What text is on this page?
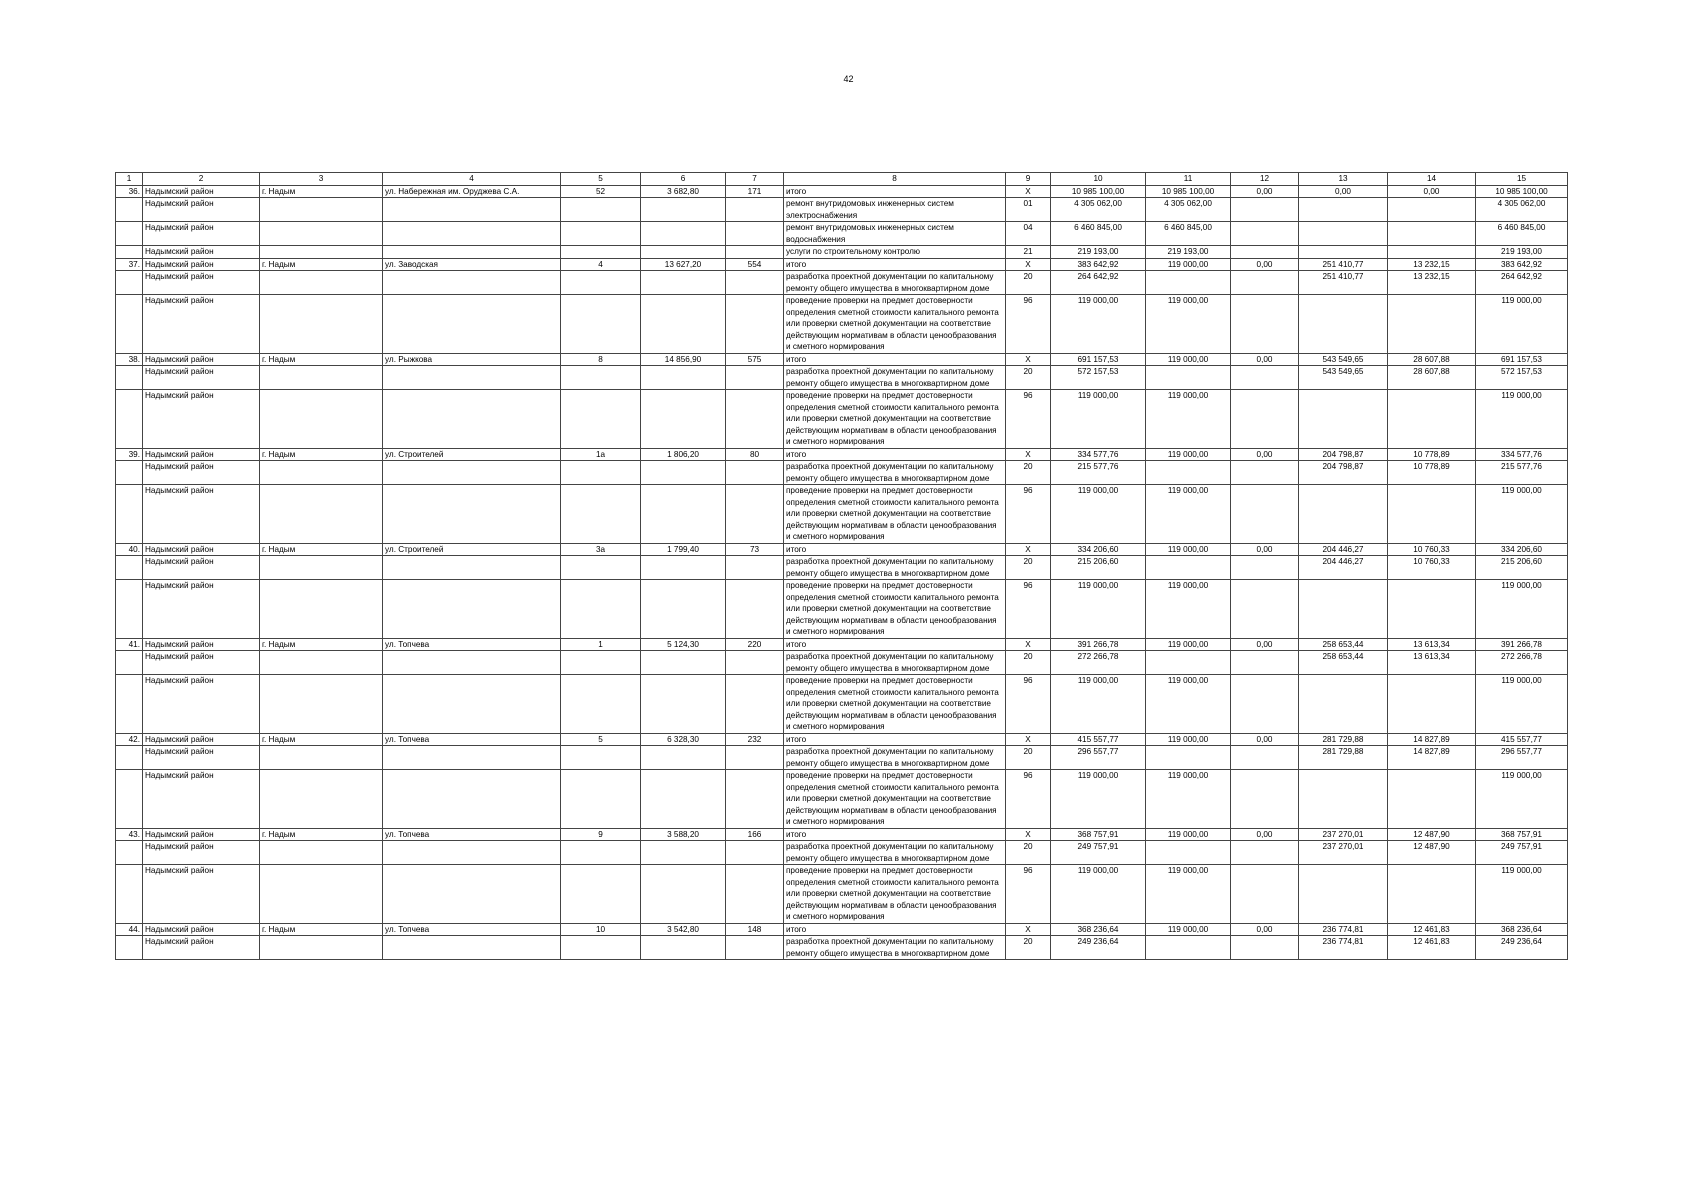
42
1	2	3	4	5	6	7	8	9	10	11	12	13	14	15
36.	Надымский район	г. Надым	ул. Набережная им. Оруджева С.А.	52	3 682,80	171	итого	X	10 985 100,00	10 985 100,00	0,00	0,00	0,00	10 985 100,00
	Надымский район						ремонт внутридомовых инженерных систем электроснабжения	01	4 305 062,00	4 305 062,00				4 305 062,00
	Надымский район						ремонт внутридомовых инженерных систем водоснабжения	04	6 460 845,00	6 460 845,00				6 460 845,00
	Надымский район						услуги по строительному контролю	21	219 193,00	219 193,00				219 193,00
37.	Надымский район	г. Надым	ул. Заводская	4	13 627,20	554	итого	X	383 642,92	119 000,00	0,00	251 410,77	13 232,15	383 642,92
	Надымский район						разработка проектной документации по капитальному ремонту общего имущества в многоквартирном доме	20	264 642,92			251 410,77	13 232,15	264 642,92
	Надымский район						проведение проверки на предмет достоверности определения сметной стоимости капитального ремонта или проверки сметной документации на соответствие действующим нормативам в области ценообразования и сметного нормирования	96	119 000,00	119 000,00				119 000,00
38.	Надымский район	г. Надым	ул. Рыжкова	8	14 856,90	575	итого	X	691 157,53	119 000,00	0,00	543 549,65	28 607,88	691 157,53
	Надымский район						разработка проектной документации по капитальному ремонту общего имущества в многоквартирном доме	20	572 157,53			543 549,65	28 607,88	572 157,53
	Надымский район						проведение проверки на предмет достоверности определения сметной стоимости капитального ремонта или проверки сметной документации на соответствие действующим нормативам в области ценообразования и сметного нормирования	96	119 000,00	119 000,00				119 000,00
39.	Надымский район	г. Надым	ул. Строителей	1а	1 806,20	80	итого	X	334 577,76	119 000,00	0,00	204 798,87	10 778,89	334 577,76
	Надымский район						разработка проектной документации по капитальному ремонту общего имущества в многоквартирном доме	20	215 577,76			204 798,87	10 778,89	215 577,76
	Надымский район						проведение проверки на предмет достоверности определения сметной стоимости капитального ремонта или проверки сметной документации на соответствие действующим нормативам в области ценообразования и сметного нормирования	96	119 000,00	119 000,00				119 000,00
40.	Надымский район	г. Надым	ул. Строителей	3а	1 799,40	73	итого	X	334 206,60	119 000,00	0,00	204 446,27	10 760,33	334 206,60
	Надымский район						разработка проектной документации по капитальному ремонту общего имущества в многоквартирном доме	20	215 206,60			204 446,27	10 760,33	215 206,60
	Надымский район						проведение проверки на предмет достоверности определения сметной стоимости капитального ремонта или проверки сметной документации на соответствие действующим нормативам в области ценообразования и сметного нормирования	96	119 000,00	119 000,00				119 000,00
41.	Надымский район	г. Надым	ул. Топчева	1	5 124,30	220	итого	X	391 266,78	119 000,00	0,00	258 653,44	13 613,34	391 266,78
	Надымский район						разработка проектной документации по капитальному ремонту общего имущества в многоквартирном доме	20	272 266,78			258 653,44	13 613,34	272 266,78
	Надымский район						проведение проверки на предмет достоверности определения сметной стоимости капитального ремонта или проверки сметной документации на соответствие действующим нормативам в области ценообразования и сметного нормирования	96	119 000,00	119 000,00				119 000,00
42.	Надымский район	г. Надым	ул. Топчева	5	6 328,30	232	итого	X	415 557,77	119 000,00	0,00	281 729,88	14 827,89	415 557,77
	Надымский район						разработка проектной документации по капитальному ремонту общего имущества в многоквартирном доме	20	296 557,77			281 729,88	14 827,89	296 557,77
	Надымский район						проведение проверки на предмет достоверности определения сметной стоимости капитального ремонта или проверки сметной документации на соответствие действующим нормативам в области ценообразования и сметного нормирования	96	119 000,00	119 000,00				119 000,00
43.	Надымский район	г. Надым	ул. Топчева	9	3 588,20	166	итого	X	368 757,91	119 000,00	0,00	237 270,01	12 487,90	368 757,91
	Надымский район						разработка проектной документации по капитальному ремонту общего имущества в многоквартирном доме	20	249 757,91			237 270,01	12 487,90	249 757,91
	Надымский район						проведение проверки на предмет достоверности определения сметной стоимости капитального ремонта или проверки сметной документации на соответствие действующим нормативам в области ценообразования и сметного нормирования	96	119 000,00	119 000,00				119 000,00
44.	Надымский район	г. Надым	ул. Топчева	10	3 542,80	148	итого	X	368 236,64	119 000,00	0,00	236 774,81	12 461,83	368 236,64
	Надымский район						разработка проектной документации по капитальному ремонту общего имущества в многоквартирном доме	20	249 236,64			236 774,81	12 461,83	249 236,64
